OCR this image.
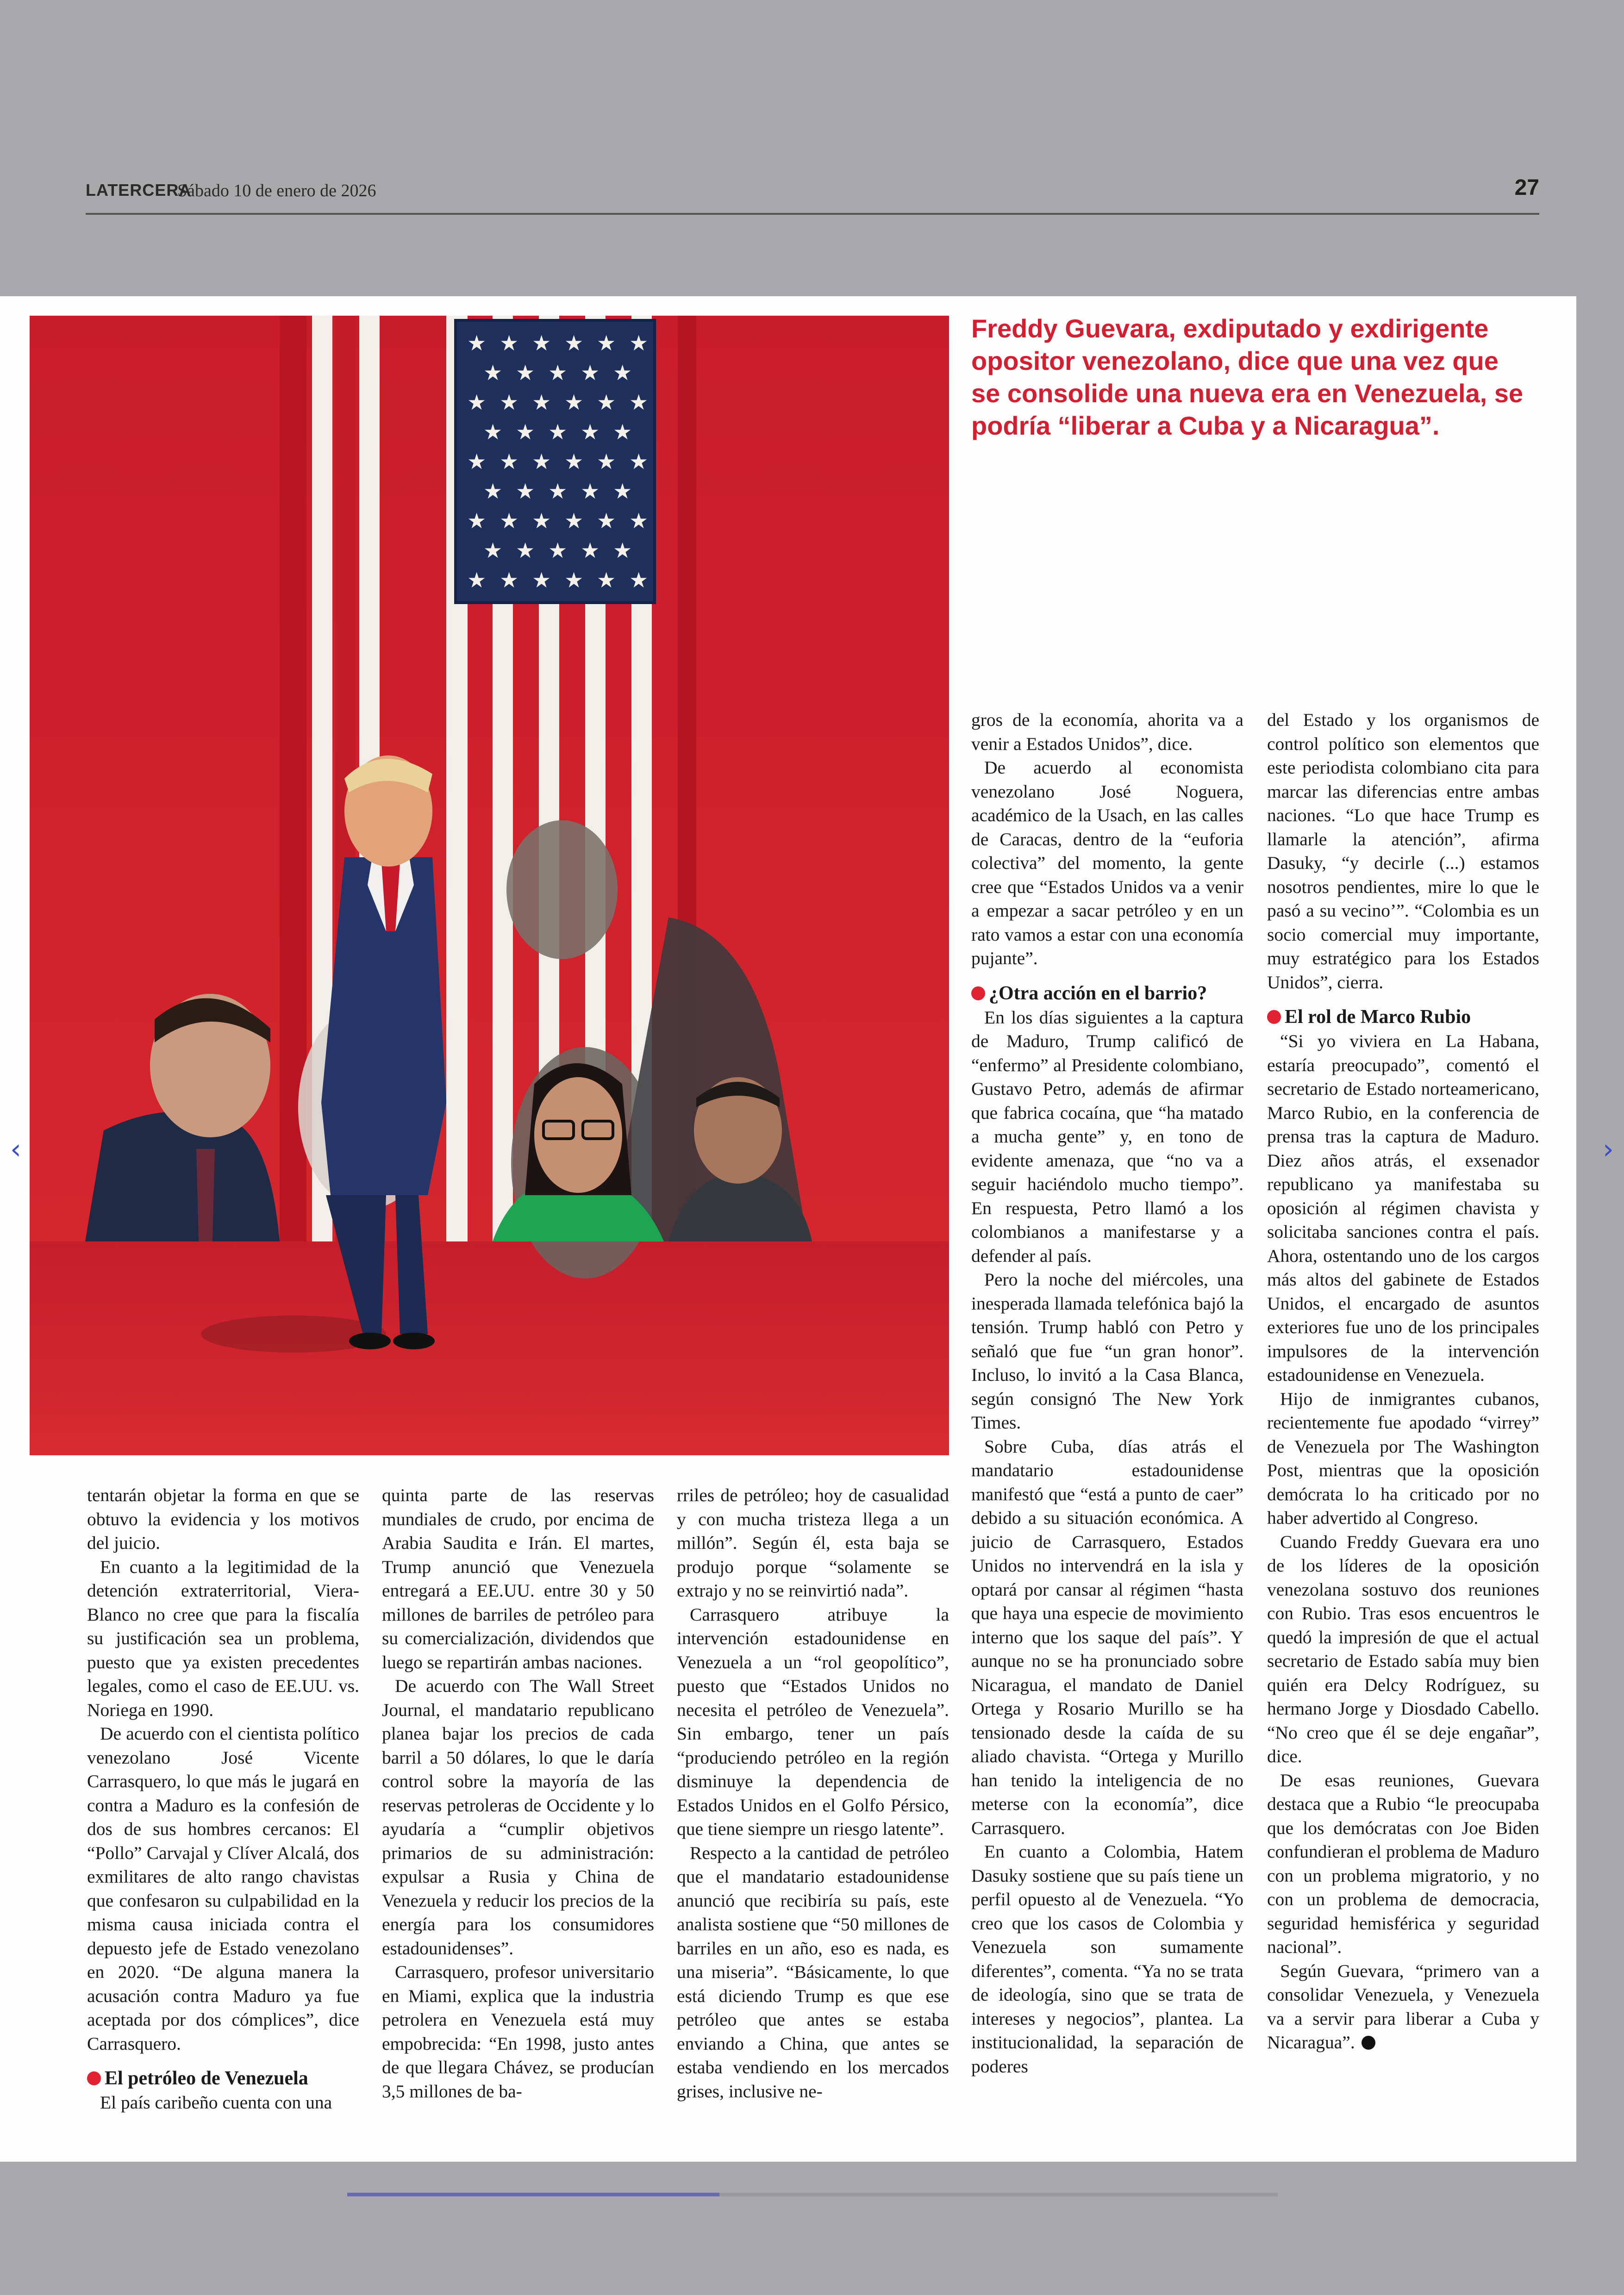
LATERCERA
Sábado 10 de enero de 2026	27
★ ★ ★ ★ ★ ★
★ ★ ★ ★ ★
★ ★ ★ ★ ★ ★
★ ★ ★ ★ ★
★ ★ ★ ★ ★ ★
★ ★ ★ ★ ★
★ ★ ★ ★ ★ ★
★ ★ ★ ★ ★
★ ★ ★ ★ ★ ★
Freddy Guevara, exdiputado y exdirigente opositor venezolano, dice que una vez que se consolide una nueva era en Venezuela, se podría “liberar a Cuba y a Nicaragua”.

tentarán objetar la forma en que se obtuvo la evidencia y los motivos del juicio.

En cuanto a la legitimidad de la detención extraterritorial, Viera-Blanco no cree que para la fiscalía su justificación sea un problema, puesto que ya existen precedentes legales, como el caso de EE.UU. vs. Noriega en 1990.

De acuerdo con el cientista político venezolano José Vicente Carrasquero, lo que más le jugará en contra a Maduro es la confesión de dos de sus hombres cercanos: El “Pollo” Carvajal y Clíver Alcalá, dos exmilitares de alto rango chavistas que confesaron su culpabilidad en la misma causa iniciada contra el depuesto jefe de Estado venezolano en 2020. “De alguna manera la acusación contra Maduro ya fue aceptada por dos cómplices”, dice Carrasquero.

El petróleo de Venezuela

El país caribeño cuenta con una

quinta parte de las reservas mundiales de crudo, por encima de Arabia Saudita e Irán. El martes, Trump anunció que Venezuela entregará a EE.UU. entre 30 y 50 millones de barriles de petróleo para su comercialización, dividendos que luego se repartirán ambas naciones.

De acuerdo con The Wall Street Journal, el mandatario republicano planea bajar los precios de cada barril a 50 dólares, lo que le daría control sobre la mayoría de las reservas petroleras de Occidente y lo ayudaría a “cumplir objetivos primarios de su administración: expulsar a Rusia y China de Venezuela y reducir los precios de la energía para los consumidores estadounidenses”.

Carrasquero, profesor universitario en Miami, explica que la industria petrolera en Venezuela está muy empobrecida: “En 1998, justo antes de que llegara Chávez, se producían 3,5 millones de ba-

rriles de petróleo; hoy de casualidad y con mucha tristeza llega a un millón”. Según él, esta baja se produjo porque “solamente se extrajo y no se reinvirtió nada”.

Carrasquero atribuye la intervención estadounidense en Venezuela a un “rol geopolítico”, puesto que “Estados Unidos no necesita el petróleo de Venezuela”. Sin embargo, tener un país “produciendo petróleo en la región disminuye la dependencia de Estados Unidos en el Golfo Pérsico, que tiene siempre un riesgo latente”.

Respecto a la cantidad de petróleo que el mandatario estadounidense anunció que recibiría su país, este analista sostiene que “50 millones de barriles en un año, eso es nada, es una miseria”. “Básicamente, lo que está diciendo Trump es que ese petróleo que antes se estaba enviando a China, que antes se estaba vendiendo en los mercados grises, inclusive ne-

gros de la economía, ahorita va a venir a Estados Unidos”, dice.

De acuerdo al economista venezolano José Noguera, académico de la Usach, en las calles de Caracas, dentro de la “euforia colectiva” del momento, la gente cree que “Estados Unidos va a venir a empezar a sacar petróleo y en un rato vamos a estar con una economía pujante”.

¿Otra acción en el barrio?

En los días siguientes a la captura de Maduro, Trump calificó de “enfermo” al Presidente colombiano, Gustavo Petro, además de afirmar que fabrica cocaína, que “ha matado a mucha gente” y, en tono de evidente amenaza, que “no va a seguir haciéndolo mucho tiempo”. En respuesta, Petro llamó a los colombianos a manifestarse y a defender al país.

Pero la noche del miércoles, una inesperada llamada telefónica bajó la tensión. Trump habló con Petro y señaló que fue “un gran honor”. Incluso, lo invitó a la Casa Blanca, según consignó The New York Times.

Sobre Cuba, días atrás el mandatario estadounidense manifestó que “está a punto de caer” debido a su situación económica. A juicio de Carrasquero, Estados Unidos no intervendrá en la isla y optará por cansar al régimen “hasta que haya una especie de movimiento interno que los saque del país”. Y aunque no se ha pronunciado sobre Nicaragua, el mandato de Daniel Ortega y Rosario Murillo se ha tensionado desde la caída de su aliado chavista. “Ortega y Murillo han tenido la inteligencia de no meterse con la economía”, dice Carrasquero.

En cuanto a Colombia, Hatem Dasuky sostiene que su país tiene un perfil opuesto al de Venezuela. “Yo creo que los casos de Colombia y Venezuela son sumamente diferentes”, comenta. “Ya no se trata de ideología, sino que se trata de intereses y negocios”, plantea. La institucionalidad, la separación de poderes

del Estado y los organismos de control político son elementos que este periodista colombiano cita para marcar las diferencias entre ambas naciones. “Lo que hace Trump es llamarle la atención”, afirma Dasuky, “y decirle (...) estamos nosotros pendientes, mire lo que le pasó a su vecino’”. “Colombia es un socio comercial muy importante, muy estratégico para los Estados Unidos”, cierra.

El rol de Marco Rubio

“Si yo viviera en La Habana, estaría preocupado”, comentó el secretario de Estado norteamericano, Marco Rubio, en la conferencia de prensa tras la captura de Maduro. Diez años atrás, el exsenador republicano ya manifestaba su oposición al régimen chavista y solicitaba sanciones contra el país. Ahora, ostentando uno de los cargos más altos del gabinete de Estados Unidos, el encargado de asuntos exteriores fue uno de los principales impulsores de la intervención estadounidense en Venezuela.

Hijo de inmigrantes cubanos, recientemente fue apodado “virrey” de Venezuela por The Washington Post, mientras que la oposición demócrata lo ha criticado por no haber advertido al Congreso.

Cuando Freddy Guevara era uno de los líderes de la oposición venezolana sostuvo dos reuniones con Rubio. Tras esos encuentros le quedó la impresión de que el actual secretario de Estado sabía muy bien quién era Delcy Rodríguez, su hermano Jorge y Diosdado Cabello. “No creo que él se deje engañar”, dice.

De esas reuniones, Guevara destaca que a Rubio “le preocupaba que los demócratas con Joe Biden confundieran el problema de Maduro con un problema migratorio, y no con un problema de democracia, seguridad hemisférica y seguridad nacional”.

Según Guevara, “primero van a consolidar Venezuela, y Venezuela va a servir para liberar a Cuba y Nicaragua”.

‹	›
